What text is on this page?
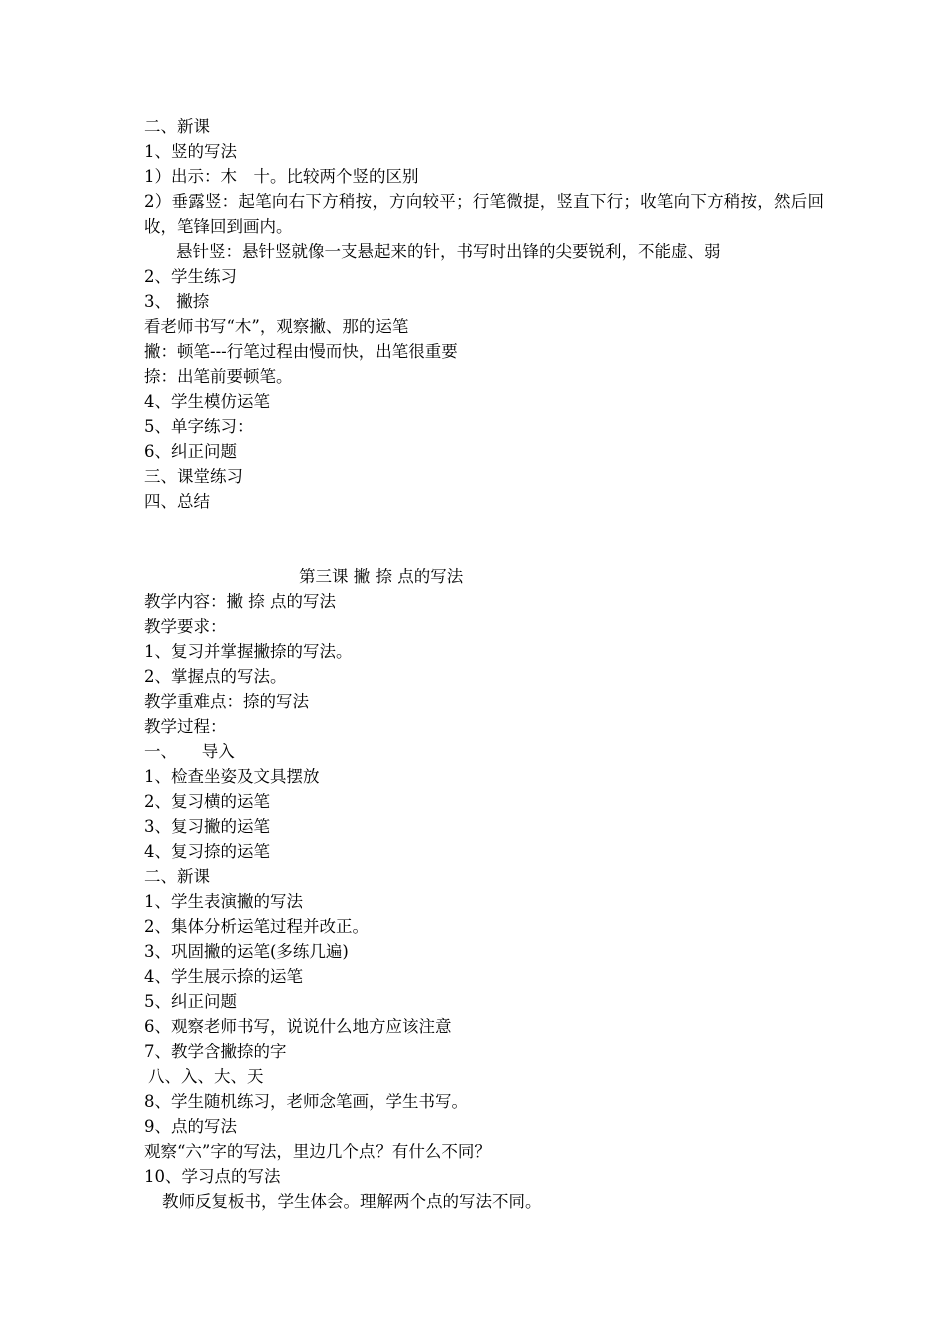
二、新课
1、竖的写法
1）出示：木　十。比较两个竖的区别
2）垂露竖：起笔向右下方稍按，方向较平；行笔微提，竖直下行；收笔向下方稍按，然后回收，笔锋回到画内。
悬针竖：悬针竖就像一支悬起来的针，书写时出锋的尖要锐利，不能虚、弱
2、学生练习
3、 撇捺
看老师书写“木”，观察撇、那的运笔
撇：顿笔---行笔过程由慢而快，出笔很重要
捺：出笔前要顿笔。
4、学生模仿运笔
5、单字练习：
6、纠正问题
三、课堂练习
四、总结
第三课 撇 捺 点的写法
教学内容：撇 捺 点的写法
教学要求：
1、复习并掌握撇捺的写法。
2、掌握点的写法。
教学重难点：捺的写法
教学过程：
一、　　导入
1、检查坐姿及文具摆放
2、复习横的运笔
3、复习撇的运笔
4、复习捺的运笔
二、新课
1、学生表演撇的写法
2、集体分析运笔过程并改正。
3、巩固撇的运笔(多练几遍)
4、学生展示捺的运笔
5、纠正问题
6、观察老师书写，说说什么地方应该注意
7、教学含撇捺的字
八、入、大、天
8、学生随机练习，老师念笔画，学生书写。
9、点的写法
观察“六”字的写法，里边几个点？有什么不同？
10、学习点的写法
教师反复板书，学生体会。理解两个点的写法不同。
